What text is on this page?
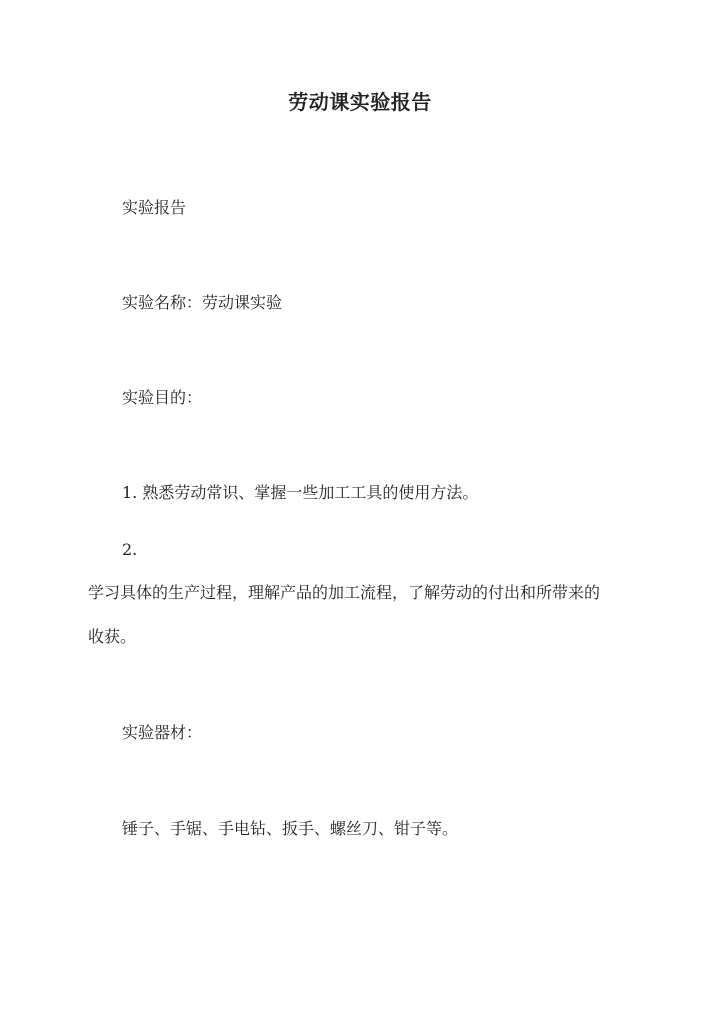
劳动课实验报告

实验报告

实验名称：劳动课实验

实验目的：

1. 熟悉劳动常识、掌握一些加工工具的使用方法。

2.

学习具体的生产过程，理解产品的加工流程，了解劳动的付出和所带来的

收获。

实验器材：

锤子、手锯、手电钻、扳手、螺丝刀、钳子等。
